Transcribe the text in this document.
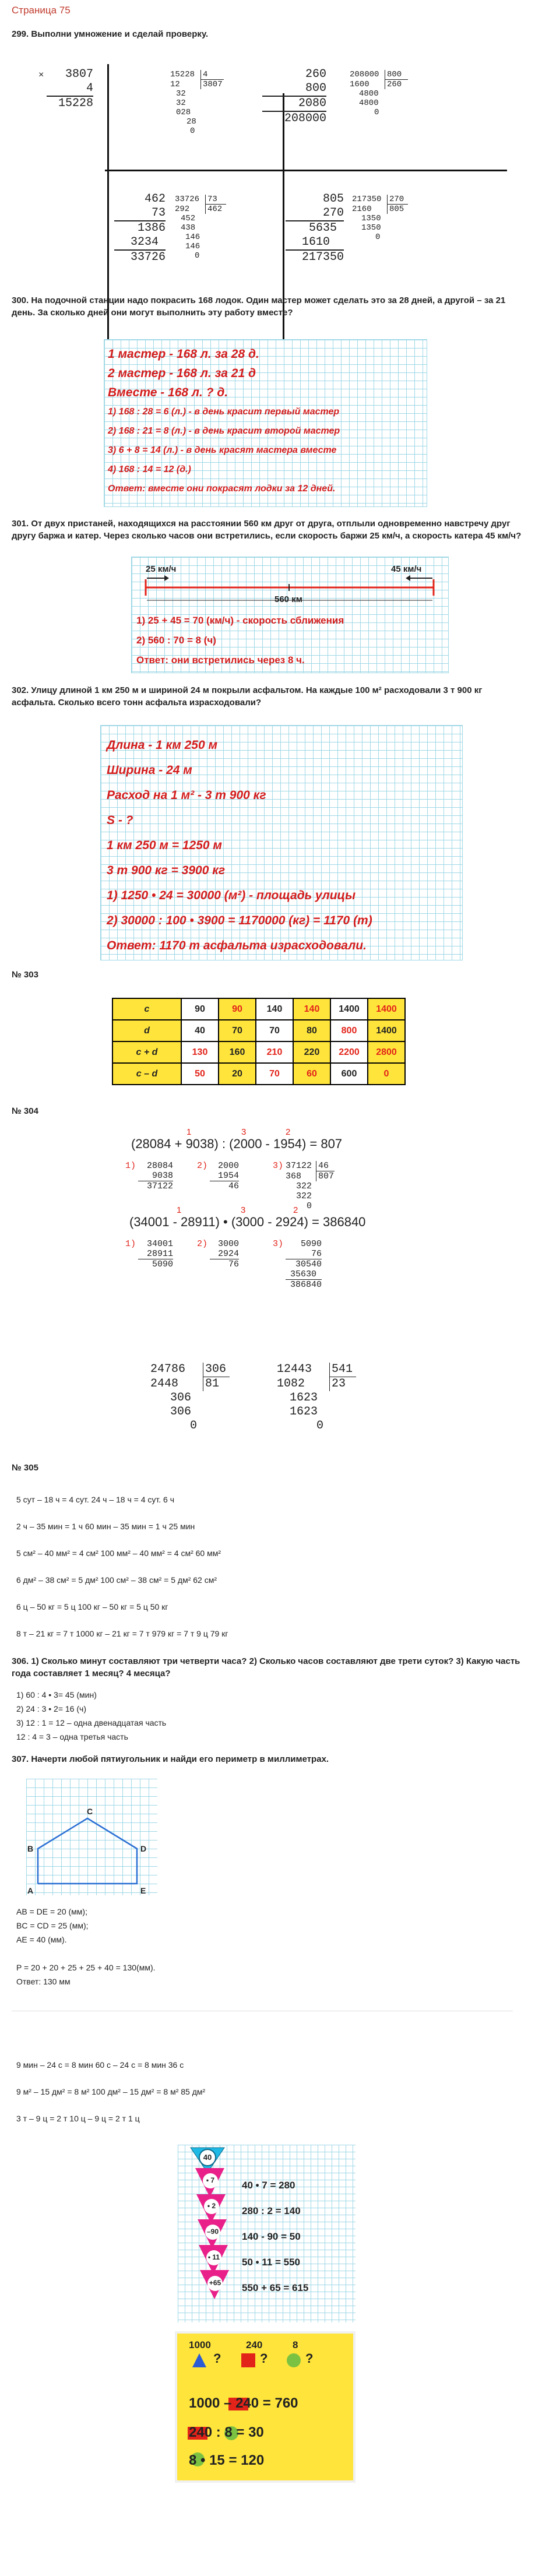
Страница 75
299. Выполни умножение и сделай проверку.
3807
4
15228
×	15228 4
12	3807
32
32
028
28
0
260
800
2080
208000
208000 800
1600	260
4800
4800
0
462
73
1386
3234
33726
33726 73
292	462
452
438
146
146
0
805
270
5635
1610
217350
217350 270
2160	805
1350
1350
0
300. На подочной станции надо покрасить 168 лодок. Один мастер может сделать это за 28 дней, а другой – за 21 день. За сколько дней они могут выполнить эту работу вместе?
1 мастер - 168 л. за 28 д.
2 мастер - 168 л. за 21 д
Вместе - 168 л. ? д.
1) 168 : 28 = 6 (л.) - в день красит первый мастер
2) 168 : 21 = 8 (л.) - в день красит второй мастер
3) 6 + 8 = 14 (л.) - в день красят мастера вместе
4) 168 : 14 = 12 (д.)
Ответ: вместе они покрасят лодки за 12 дней.
301. От двух пристаней, находящихся на расстоянии 560 км друг от друга, отплыли одновременно навстречу друг другу баржа и катер. Через сколько часов они встретились, если скорость баржи 25 км/ч, а скорость катера 45 км/ч?
25 км/ч	45 км/ч
560 км
1) 25 + 45 = 70 (км/ч) - скорость сближения
2) 560 : 70 = 8 (ч)
Ответ: они встретились через 8 ч.
302. Улицу длиной 1 км 250 м и шириной 24 м покрыли асфальтом. На каждые 100 м² расходовали 3 т 900 кг асфальта. Сколько всего тонн асфальта израсходовали?
Длина - 1 км 250 м
Ширина - 24 м
Расход на 1 м² - 3 т 900 кг
S - ?
1 км 250 м = 1250 м
3 т 900 кг = 3900 кг
1) 1250 • 24 = 30000 (м²) - площадь улицы
2) 30000 : 100 • 3900 = 1170000 (кг) = 1170 (т)
Ответ: 1170 т асфальта израсходовали.
№ 303
c	90	90	140	140	1400	1400
d	40	70	70	80	800	1400
c + d	130	160	210	220	2200	2800
c – d	50	20	70	60	600	0
№ 304
1	3	2
(28084 + 9038) : (2000 - 1954) = 807
1)	28084
9038
37122
2)	2000
1954
46
3) 37122 46
368	807
322
322
0
1	3	2
(34001 - 28911) • (3000 - 2924) = 386840
1)	34001
28911
5090
2)	3000
2924
76
3)	5090
76
30540
35630
386840
24786	306
2448	81
306
306
0
12443	541
1082	23
1623
1623
0
№ 305
5 сут – 18 ч = 4 сут. 24 ч – 18 ч = 4 сут. 6 ч
2 ч – 35 мин = 1 ч 60 мин – 35 мин = 1 ч 25 мин
5 см² – 40 мм² = 4 см² 100 мм² – 40 мм² = 4 см² 60 мм²
6 дм² – 38 см² = 5 дм² 100 см² – 38 см² = 5 дм² 62 см²
6 ц – 50 кг = 5 ц 100 кг – 50 кг = 5 ц 50 кг
8 т – 21 кг = 7 т 1000 кг – 21 кг = 7 т 979 кг = 7 т 9 ц 79 кг
306. 1) Сколько минут составляют три четверти часа? 2) Сколько часов составляют две трети суток? 3) Какую часть года составляет 1 месяц? 4 месяца?
1) 60 : 4 • 3= 45 (мин)
2) 24 : 3 • 2= 16 (ч)
3) 12 : 1 = 12 – одна двенадцатая часть
12 : 4 = 3 – одна третья часть
307. Начерти любой пятиугольник и найди его периметр в миллиметрах.
C
B	D
A	E
AB = DE = 20 (мм);
BC = CD = 25 (мм);
AE = 40 (мм).
P = 20 + 20 + 25 + 25 + 40 = 130(мм).
Ответ: 130 мм
9 мин – 24 с = 8 мин 60 с – 24 с = 8 мин 36 с
9 м² – 15 дм² = 8 м² 100 дм² – 15 дм² = 8 м² 85 дм²
3 т – 9 ц = 2 т 10 ц – 9 ц = 2 т 1 ц
40
• 7
• 2
–90
• 11
+65
40 • 7 = 280
280 : 2 = 140
140 - 90 = 50
50 • 11 = 550
550 + 65 = 615
1000	240	8
?	?	?
1000 – 240 = 760
240 : 8 = 30
8 • 15 = 120
